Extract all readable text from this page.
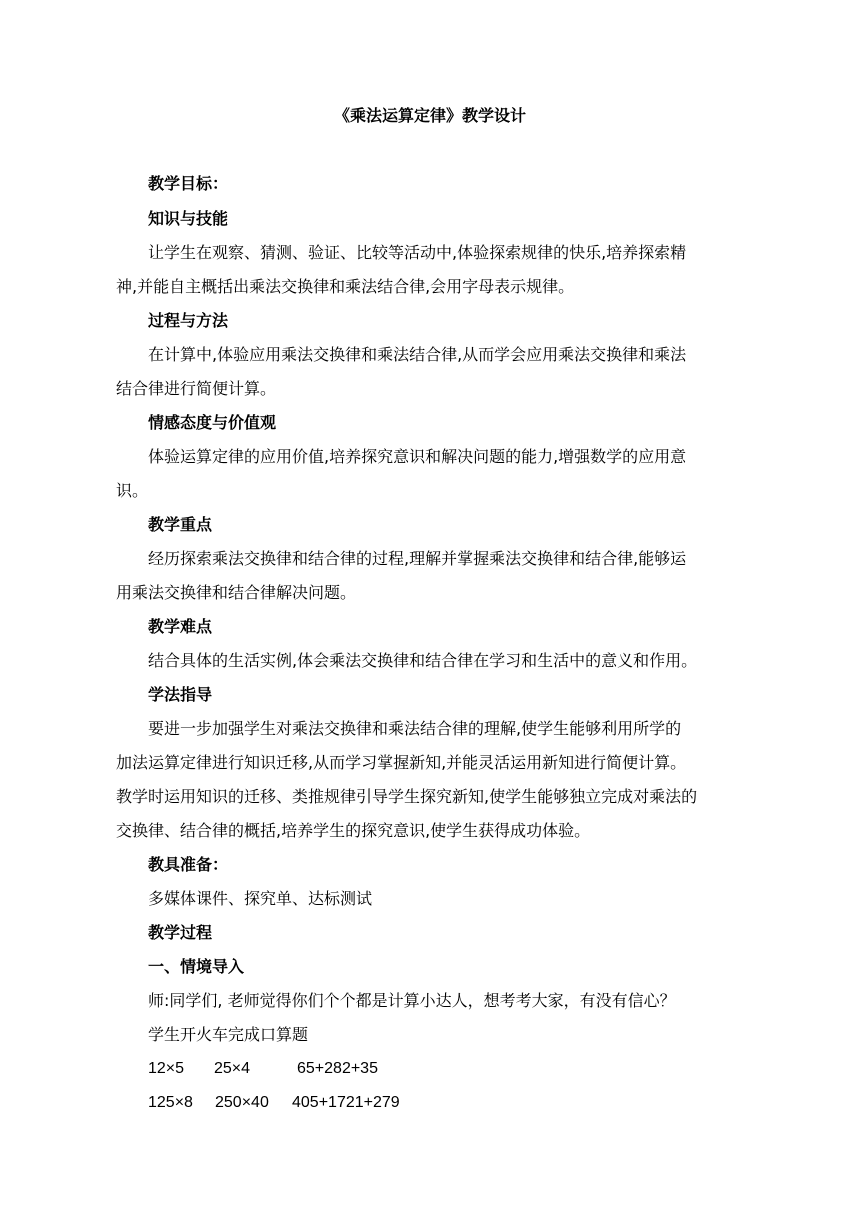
《乘法运算定律》教学设计
教学目标：
知识与技能
让学生在观察、猜测、验证、比较等活动中,体验探索规律的快乐,培养探索精
神,并能自主概括出乘法交换律和乘法结合律,会用字母表示规律。
过程与方法
在计算中,体验应用乘法交换律和乘法结合律,从而学会应用乘法交换律和乘法
结合律进行简便计算。
情感态度与价值观
体验运算定律的应用价值,培养探究意识和解决问题的能力,增强数学的应用意
识。
教学重点
经历探索乘法交换律和结合律的过程,理解并掌握乘法交换律和结合律,能够运
用乘法交换律和结合律解决问题。
教学难点
结合具体的生活实例,体会乘法交换律和结合律在学习和生活中的意义和作用。
学法指导
要进一步加强学生对乘法交换律和乘法结合律的理解,使学生能够利用所学的
加法运算定律进行知识迁移,从而学习掌握新知,并能灵活运用新知进行简便计算。
教学时运用知识的迁移、类推规律引导学生探究新知,使学生能够独立完成对乘法的
交换律、结合律的概括,培养学生的探究意识,使学生获得成功体验。
教具准备：
多媒体课件、探究单、达标测试
教学过程
一、情境导入
师:同学们, 老师觉得你们个个都是计算小达人，想考考大家，有没有信心？
学生开火车完成口算题
12×5 25×4	65+282+35
125×8 250×40 405+1721+279
